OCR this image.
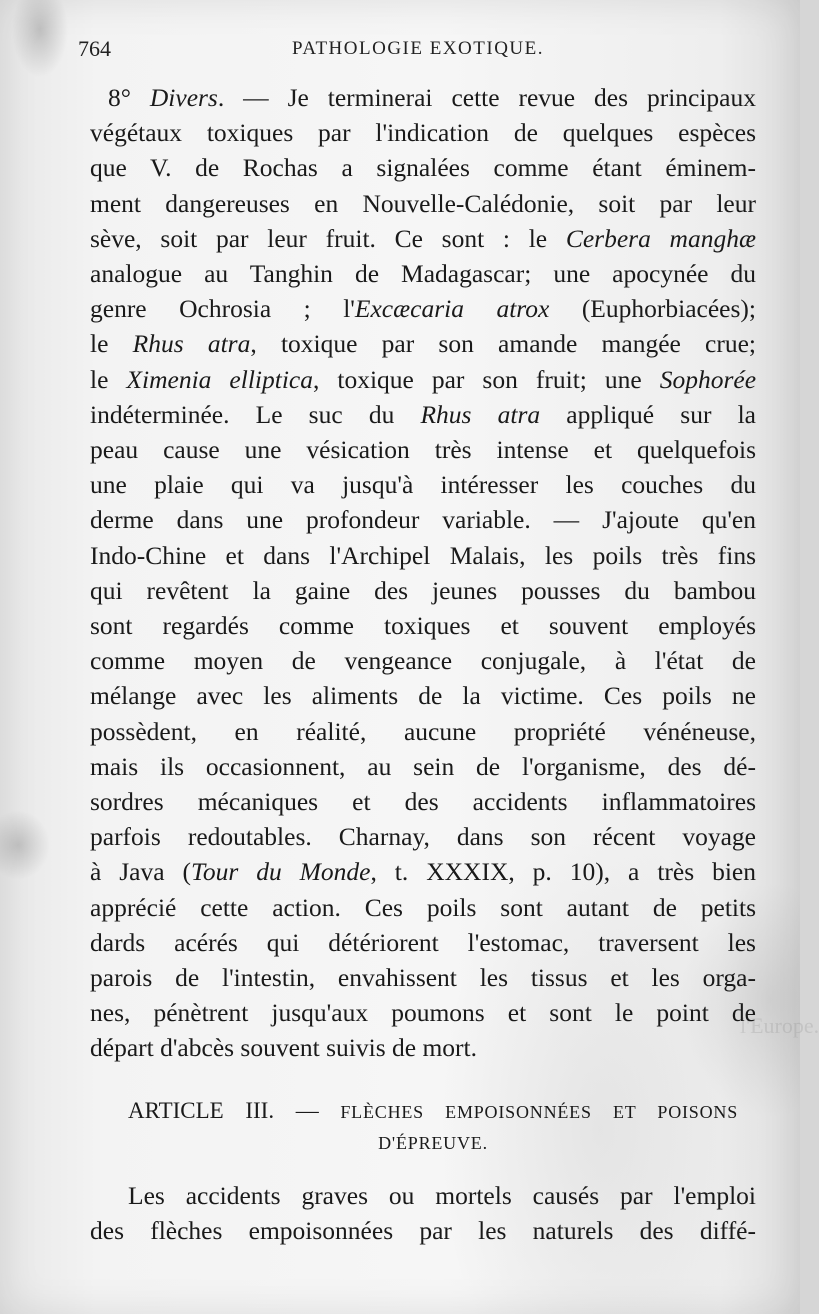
764	PATHOLOGIE EXOTIQUE.
l'Europe.
8° Divers. — Je terminerai cette revue des principaux
végétaux toxiques par l'indication de quelques espèces
que V. de Rochas a signalées comme étant éminem-
ment dangereuses en Nouvelle-Calédonie, soit par leur
sève, soit par leur fruit. Ce sont : le Cerbera manghæ
analogue au Tanghin de Madagascar; une apocynée du
genre Ochrosia ; l'Excæcaria atrox (Euphorbiacées);
le Rhus atra, toxique par son amande mangée crue;
le Ximenia elliptica, toxique par son fruit; une Sophorée
indéterminée. Le suc du Rhus atra appliqué sur la
peau cause une vésication très intense et quelquefois
une plaie qui va jusqu'à intéresser les couches du
derme dans une profondeur variable. — J'ajoute qu'en
Indo-Chine et dans l'Archipel Malais, les poils très fins
qui revêtent la gaine des jeunes pousses du bambou
sont regardés comme toxiques et souvent employés
comme moyen de vengeance conjugale, à l'état de
mélange avec les aliments de la victime. Ces poils ne
possèdent, en réalité, aucune propriété vénéneuse,
mais ils occasionnent, au sein de l'organisme, des dé-
sordres mécaniques et des accidents inflammatoires
parfois redoutables. Charnay, dans son récent voyage
à Java (Tour du Monde, t. XXXIX, p. 10), a très bien
apprécié cette action. Ces poils sont autant de petits
dards acérés qui détériorent l'estomac, traversent les
parois de l'intestin, envahissent les tissus et les orga-
nes, pénètrent jusqu'aux poumons et sont le point de
départ d'abcès souvent suivis de mort.
ARTICLE III. — FLÈCHES EMPOISONNÉES ET POISONS
D'ÉPREUVE.
Les accidents graves ou mortels causés par l'emploi
des flèches empoisonnées par les naturels des diffé-
